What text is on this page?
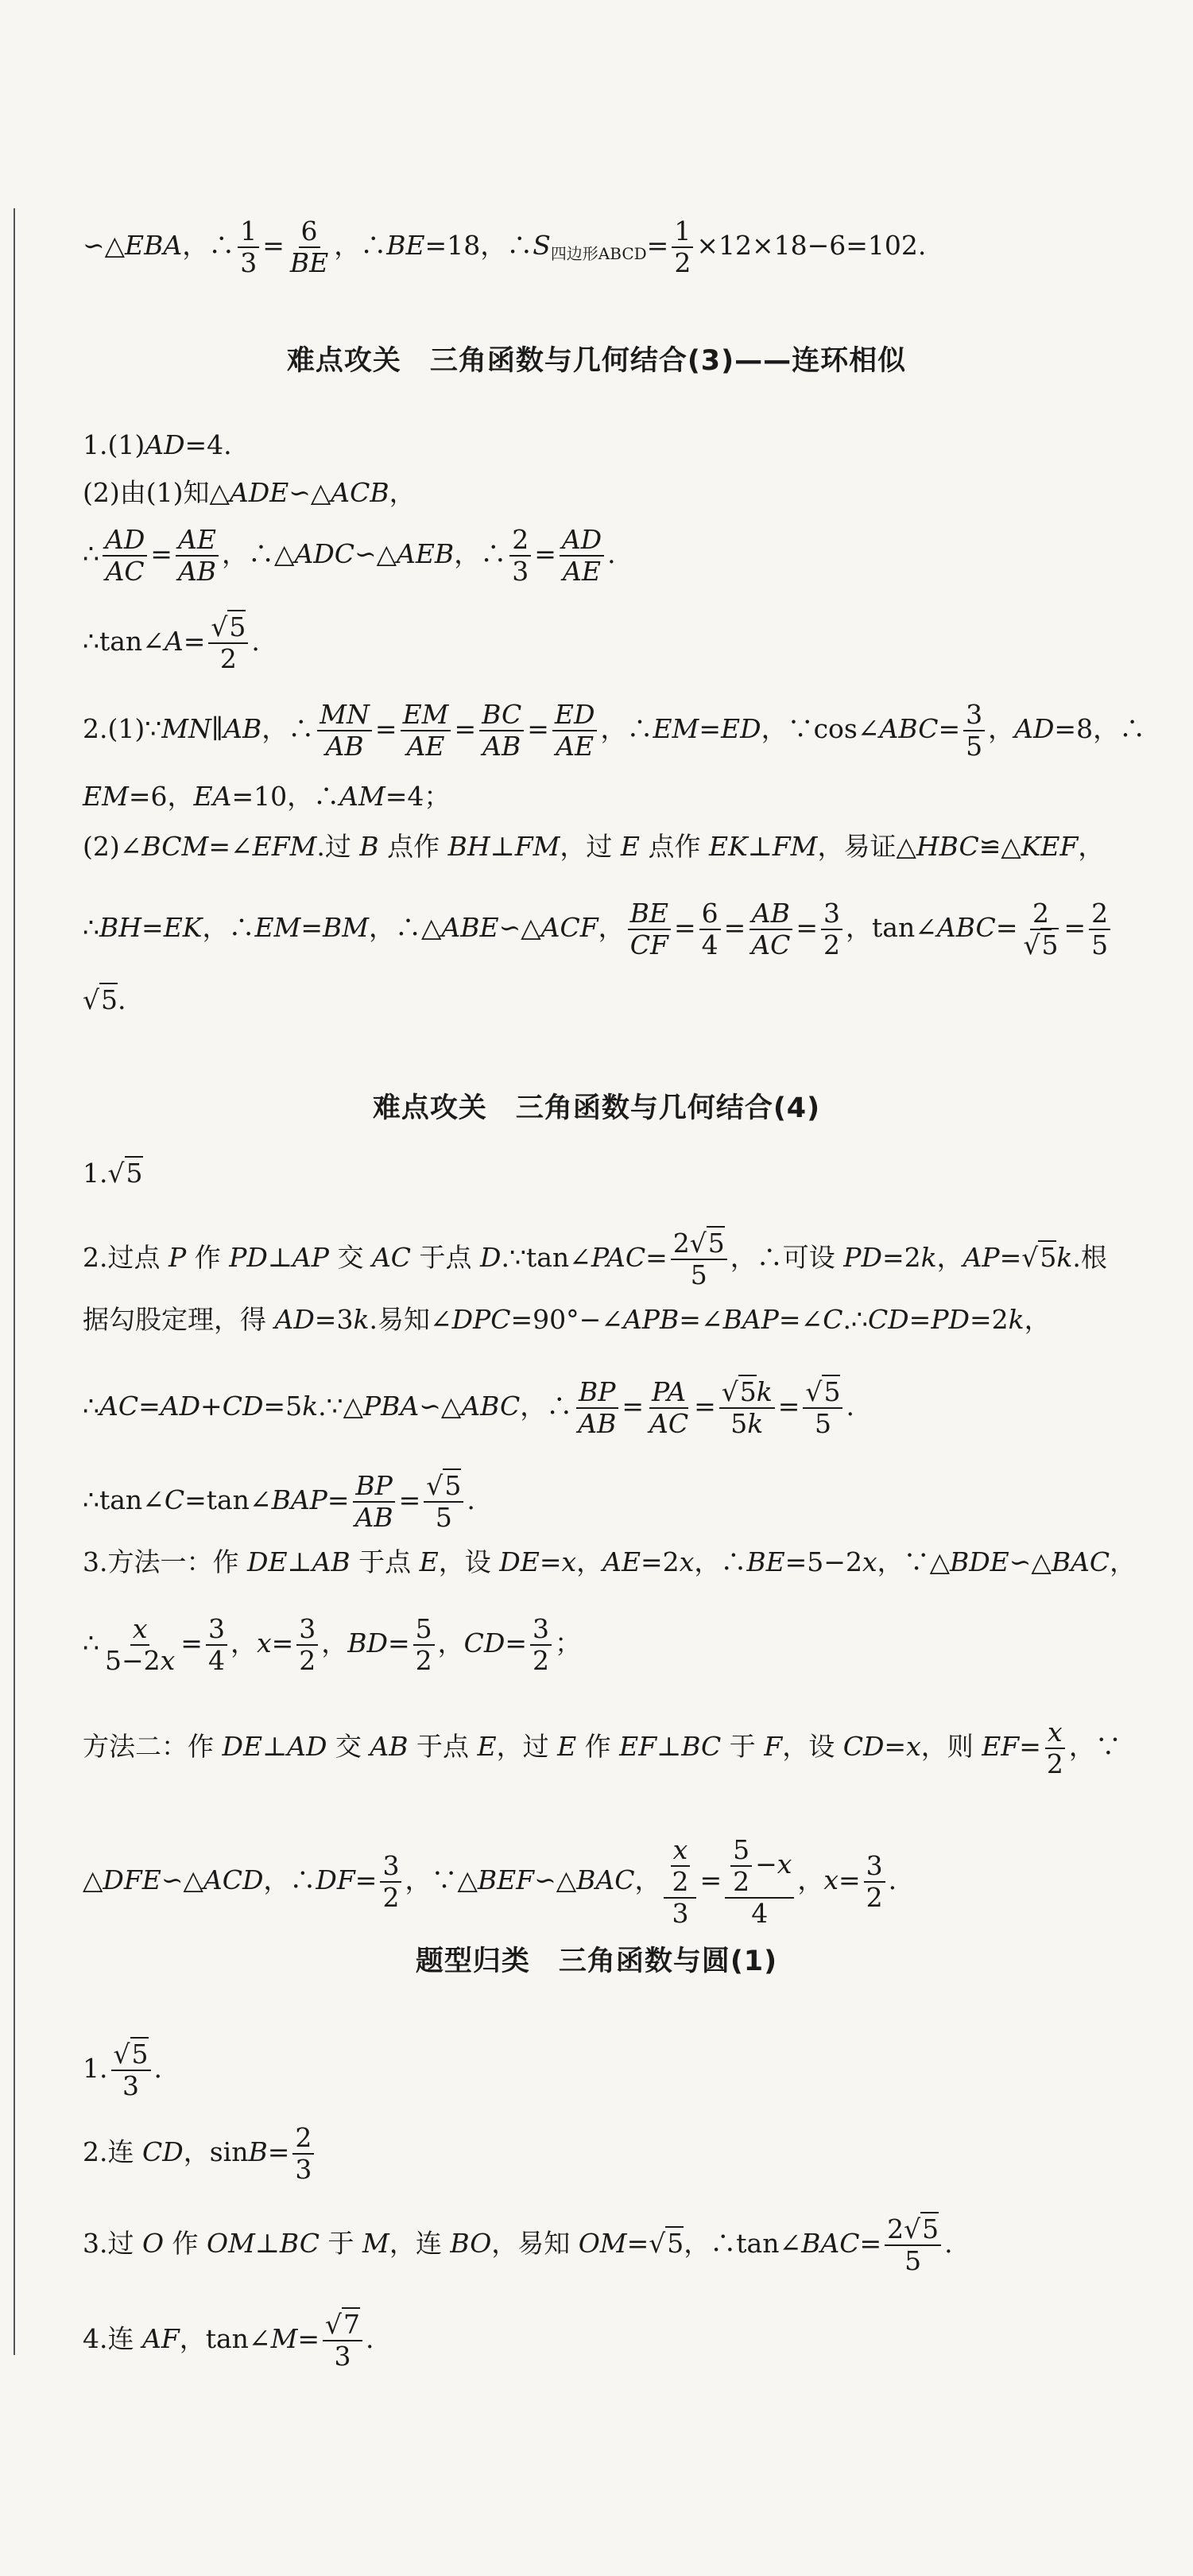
∽△EBA，∴ $\frac{1}{3} = \frac{6}{BE}$ ，∴BE=18，$\therefore S_{四边形ABCD}= \frac{1}{2} \times 12\times 18-6=102$.
难点攻关　三角函数与几何结合(3)——连环相似
1.(1)AD=4.
(2)由(1)知△ADE∽△ACB，
∴ $\frac{AD}{AC} = \frac{AE}{AB}$ ，∴△ADC∽△AEB，∴ $\frac{2}{3} = \frac{AD}{AE}$ .
∴tan∠A= $\frac{√5}{2}$ .
2.(1)∵MN∥AB，∴ $\frac{MN}{AB} = \frac{EM}{AE} = \frac{BC}{AB} = \frac{ED}{AE}$ ，∴EM=ED，∵cos∠ABC= $\frac{3}{5}$ ，AD=8，∴
EM=6，EA=10，∴AM=4；
(2)∠BCM=∠EFM.过 B 点作 BH⊥FM，过 E 点作 EK⊥FM，易证△HBC≌△KEF，
∴BH=EK，∴EM=BM，∴△ABE∽△ACF， $\frac{BE}{CF} = \frac{6}{4} = \frac{AB}{AC} = \frac{3}{2}$ ，tan∠ABC= $\frac{2}{√5} = \frac{2}{5}$
√5.
难点攻关　三角函数与几何结合(4)
1.√5
2.过点 P 作 PD⊥AP 交 AC 于点 D.∵tan∠PAC= $\frac{2√5}{5}$ ，∴可设 PD=2k，AP=√5k.根
据勾股定理，得 AD=3k.易知∠DPC=90°−∠APB=∠BAP=∠C.∴CD=PD=2k，
∴AC=AD+CD=5k.∵△PBA∽△ABC，∴ $\frac{BP}{AB} = \frac{PA}{AC} = \frac{√5k}{5k} = \frac{√5}{5}$ .
∴tan∠C=tan∠BAP= $\frac{BP}{AB} = \frac{√5}{5}$ .
3.方法一：作 DE⊥AB 于点 E，设 DE=x，AE=2x，∴BE=5−2x，∵△BDE∽△BAC，
∴ $\frac{x}{5-2x} = \frac{3}{4}$ ，$x= \frac{3}{2}$ ，$BD= \frac{5}{2}$ ，$CD= \frac{3}{2}$ ；
方法二：作 DE⊥AD 交 AB 于点 E，过 E 作 EF⊥BC 于 F，设 CD=x，则 $EF= \frac{x}{2}$ ，∵
△DFE∽△ACD，∴DF= $\frac{3}{2}$ ，∵△BEF∽△BAC， $\frac{\frac{x}{2}}{3} = \frac{\frac{5}{2} -x}{4}$ ，$x= \frac{3}{2}$ .
题型归类　三角函数与圆(1)
1. $\frac{√5}{3}$ .
2.连 CD，$\sin B= \frac{2}{3}$
3.过 O 作 OM⊥BC 于 M，连 BO，易知 OM=√5，∴tan∠BAC= $\frac{2√5}{5}$ .
4.连 AF，tan∠M= $\frac{√7}{3}$ .
